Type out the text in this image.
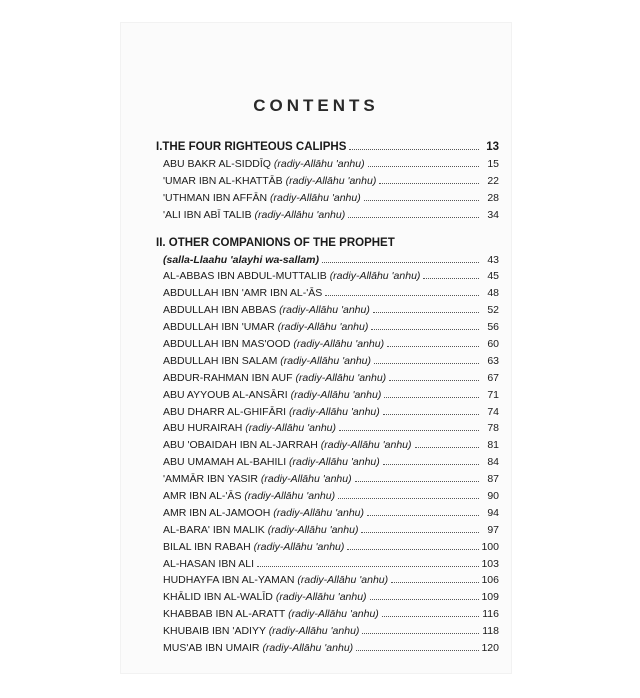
CONTENTS
I.THE FOUR RIGHTEOUS CALIPHS	13
ABU BAKR AL-SIDDĪQ (radiy-Allāhu 'anhu)	15
'UMAR IBN AL-KHATTĀB (radiy-Allāhu 'anhu)	22
'UTHMAN IBN AFFĀN (radiy-Allāhu 'anhu)	28
'ALI IBN ABĪ TALIB (radiy-Allāhu 'anhu)	34
II. OTHER COMPANIONS OF THE PROPHET
(salla-Llaahu 'alayhi wa-sallam)	43
AL-ABBAS IBN ABDUL-MUTTALIB (radiy-Allāhu 'anhu)	45
ABDULLAH IBN 'AMR IBN AL-'ĀS	48
ABDULLAH IBN ABBAS (radiy-Allāhu 'anhu)	52
ABDULLAH IBN 'UMAR (radiy-Allāhu 'anhu)	56
ABDULLAH IBN MAS'OOD (radiy-Allāhu 'anhu)	60
ABDULLAH IBN SALAM (radiy-Allāhu 'anhu)	63
ABDUR-RAHMAN IBN AUF (radiy-Allāhu 'anhu)	67
ABU AYYOUB AL-ANSĀRI (radiy-Allāhu 'anhu)	71
ABU DHARR AL-GHIFĀRI (radiy-Allāhu 'anhu)	74
ABU HURAIRAH (radiy-Allāhu 'anhu)	78
ABU 'OBAIDAH IBN AL-JARRAH (radiy-Allāhu 'anhu)	81
ABU UMAMAH AL-BAHILI (radiy-Allāhu 'anhu)	84
'AMMĀR IBN YASIR (radiy-Allāhu 'anhu)	87
AMR IBN AL-'ĀS (radiy-Allāhu 'anhu)	90
AMR IBN AL-JAMOOH (radiy-Allāhu 'anhu)	94
AL-BARA' IBN MALIK (radiy-Allāhu 'anhu)	97
BILAL IBN RABAH (radiy-Allāhu 'anhu)	100
AL-HASAN IBN ALI	103
HUDHAYFA IBN AL-YAMAN (radiy-Allāhu 'anhu)	106
KHĀLID IBN AL-WALĪD (radiy-Allāhu 'anhu)	109
KHABBAB IBN AL-ARATT (radiy-Allāhu 'anhu)	116
KHUBAIB IBN 'ADIYY (radiy-Allāhu 'anhu)	118
MUS'AB IBN UMAIR (radiy-Allāhu 'anhu)	120
